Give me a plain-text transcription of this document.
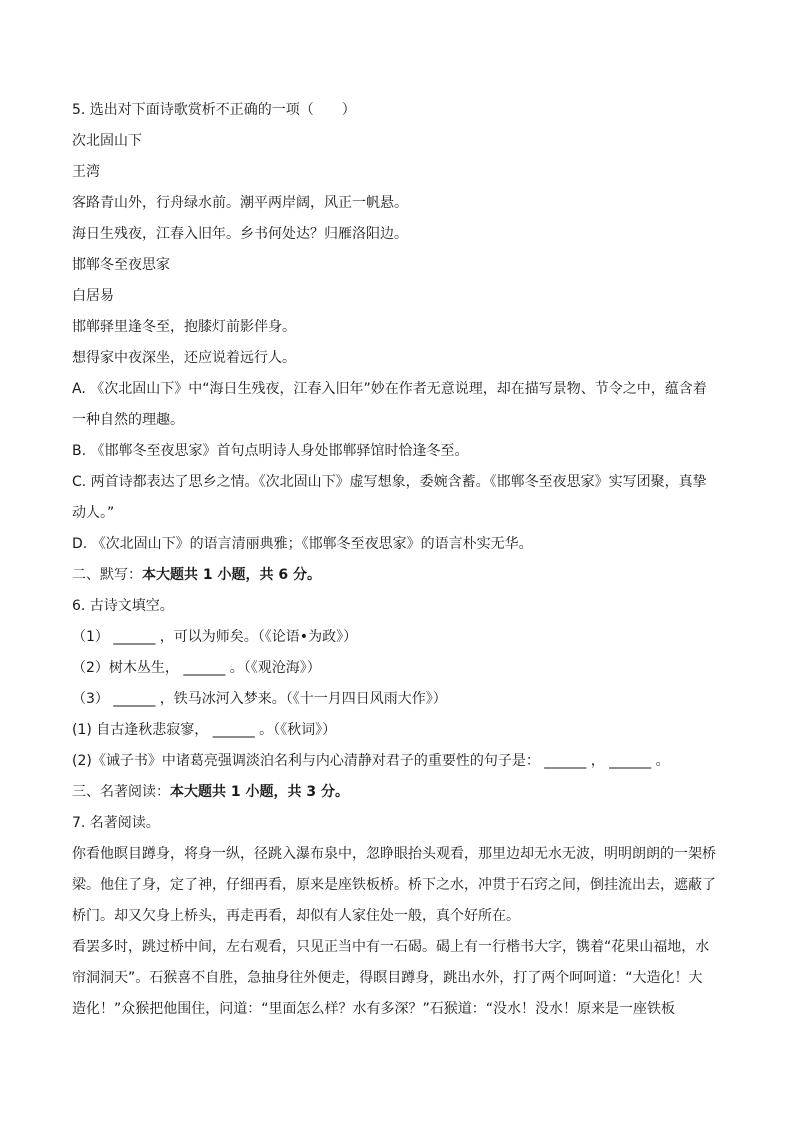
5. 选出对下面诗歌赏析不正确的一项（　　）
次北固山下
王湾
客路青山外，行舟绿水前。潮平两岸阔，风正一帆悬。
海日生残夜，江春入旧年。乡书何处达？归雁洛阳边。
邯郸冬至夜思家
白居易
邯郸驿里逢冬至，抱膝灯前影伴身。
想得家中夜深坐，还应说着远行人。
A. 《次北固山下》中“海日生残夜，江春入旧年”妙在作者无意说理，却在描写景物、节令之中，蕴含着
一种自然的理趣。
B. 《邯郸冬至夜思家》首句点明诗人身处邯郸驿馆时恰逢冬至。
C. 两首诗都表达了思乡之情。《次北固山下》虚写想象，委婉含蓄。《邯郸冬至夜思家》实写团聚，真挚
动人。”
D. 《次北固山下》的语言清丽典雅；《邯郸冬至夜思家》的语言朴实无华。
二、默写：本大题共 1 小题，共 6 分。
6. 古诗文填空。
（1） ______ ，可以为师矣。（《论语•为政》）
（2）树木丛生， ______ 。（《观沧海》）
（3） ______ ，铁马冰河入梦来。（《十一月四日风雨大作》）
(1) 自古逢秋悲寂寥， ______ 。（《秋词》）
(2)《诫子书》中诸葛亮强调淡泊名利与内心清静对君子的重要性的句子是： ______ ， ______ 。
三、名著阅读：本大题共 1 小题，共 3 分。
7. 名著阅读。
你看他瞑目蹲身，将身一纵，径跳入瀑布泉中，忽睁眼抬头观看，那里边却无水无波，明明朗朗的一架桥
梁。他住了身，定了神，仔细再看，原来是座铁板桥。桥下之水，冲贯于石窍之间，倒挂流出去，遮蔽了
桥门。却又欠身上桥头，再走再看，却似有人家住处一般，真个好所在。
看罢多时，跳过桥中间，左右观看，只见正当中有一石碣。碣上有一行楷书大字，镌着“花果山福地，水
帘洞洞天”。石猴喜不自胜，急抽身往外便走，得瞑目蹲身，跳出水外，打了两个呵呵道：“大造化！大
造化！”众猴把他围住，问道：“里面怎么样？水有多深？”石猴道：“没水！没水！原来是一座铁板
